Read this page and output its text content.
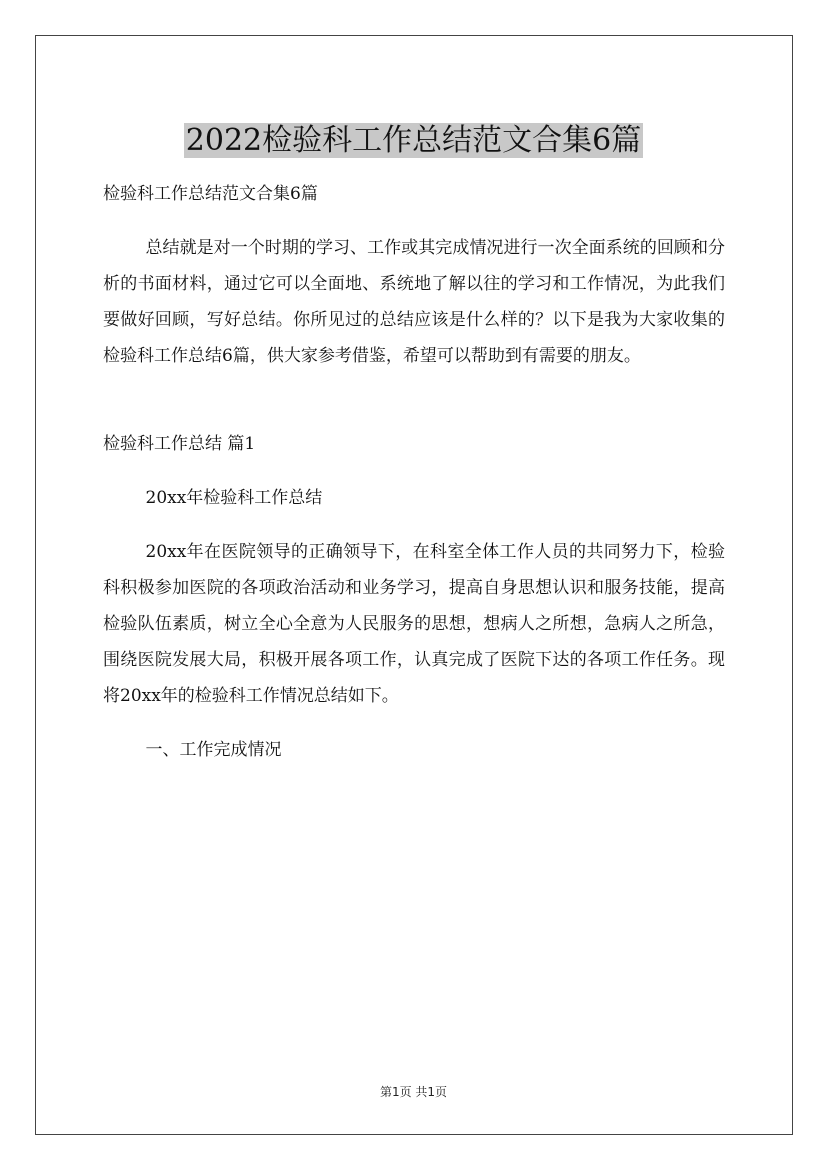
2022检验科工作总结范文合集6篇

检验科工作总结范文合集6篇

总结就是对一个时期的学习、工作或其完成情况进行一次全面系统的回顾和分析的书面材料，通过它可以全面地、系统地了解以往的学习和工作情况，为此我们要做好回顾，写好总结。你所见过的总结应该是什么样的？以下是我为大家收集的检验科工作总结6篇，供大家参考借鉴，希望可以帮助到有需要的朋友。

检验科工作总结 篇1

20xx年检验科工作总结

20xx年在医院领导的正确领导下，在科室全体工作人员的共同努力下，检验科积极参加医院的各项政治活动和业务学习，提高自身思想认识和服务技能，提高检验队伍素质，树立全心全意为人民服务的思想，想病人之所想，急病人之所急，围绕医院发展大局，积极开展各项工作，认真完成了医院下达的各项工作任务。现将20xx年的检验科工作情况总结如下。

一、工作完成情况

第1页 共1页
